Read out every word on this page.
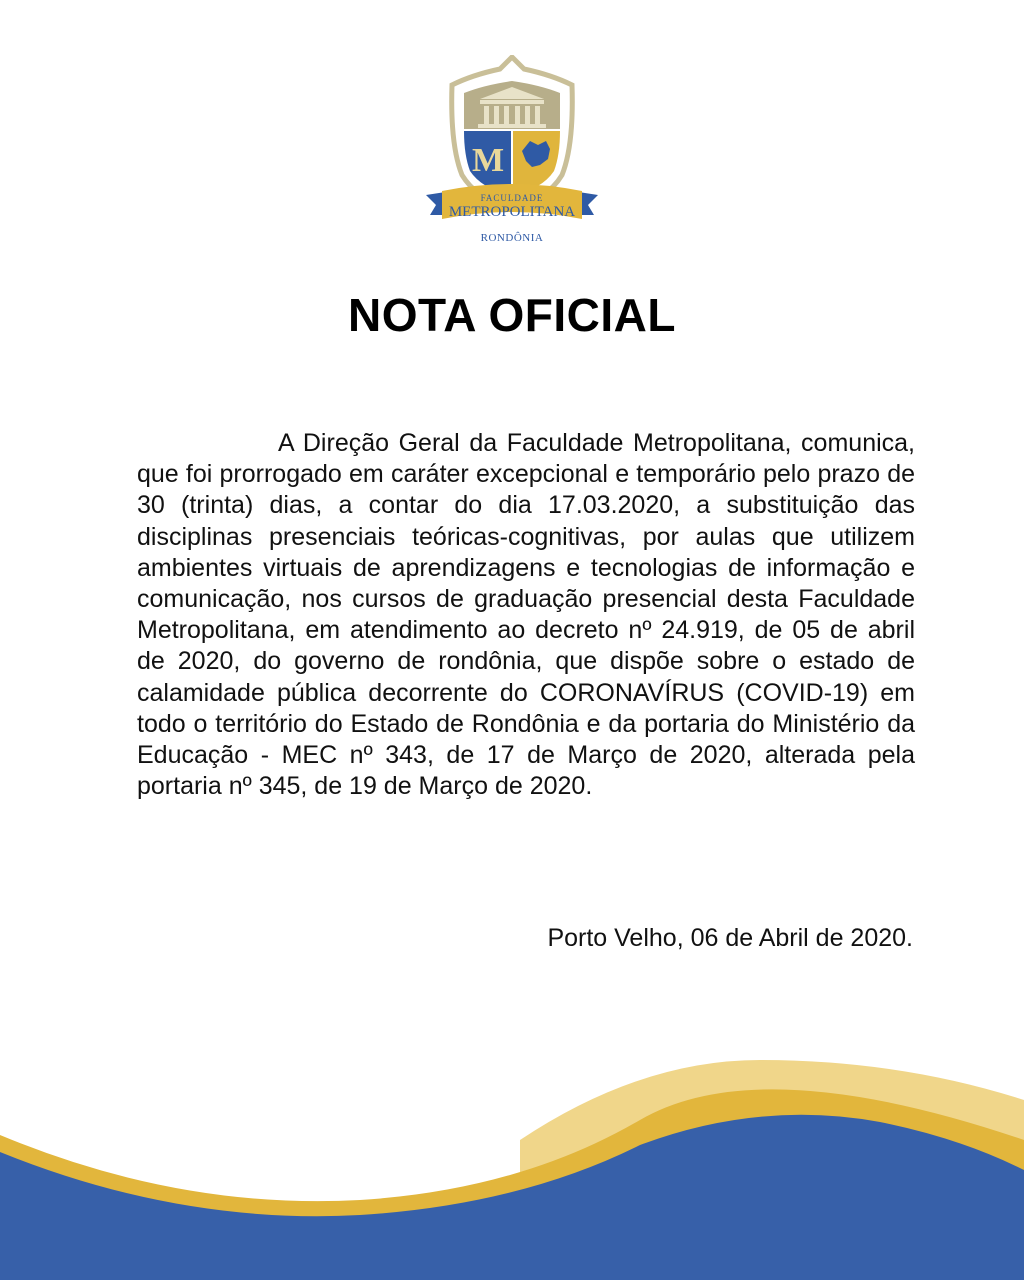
M
FACULDADE
METROPOLITANA
RONDÔNIA
NOTA OFICIAL

A Direção Geral da Faculdade Metropolitana, comunica, que foi prorrogado em caráter excepcional e temporário pelo prazo de 30 (trinta) dias, a contar do dia 17.03.2020, a substituição das disciplinas presenciais teóricas-cognitivas, por aulas que utilizem ambientes virtuais de aprendizagens e tecnologias de informação e comunicação, nos cursos de graduação presencial desta Faculdade Metropolitana, em atendimento ao decreto nº 24.919, de 05 de abril de 2020, do governo de rondônia, que dispõe sobre o estado de calamidade pública decorrente do CORONAVÍRUS (COVID-19) em todo o território do Estado de Rondônia e da portaria do Ministério da Educação - MEC nº 343, de 17 de Março de 2020, alterada pela portaria nº 345, de 19 de Março de 2020.

Porto Velho, 06 de Abril de 2020.
